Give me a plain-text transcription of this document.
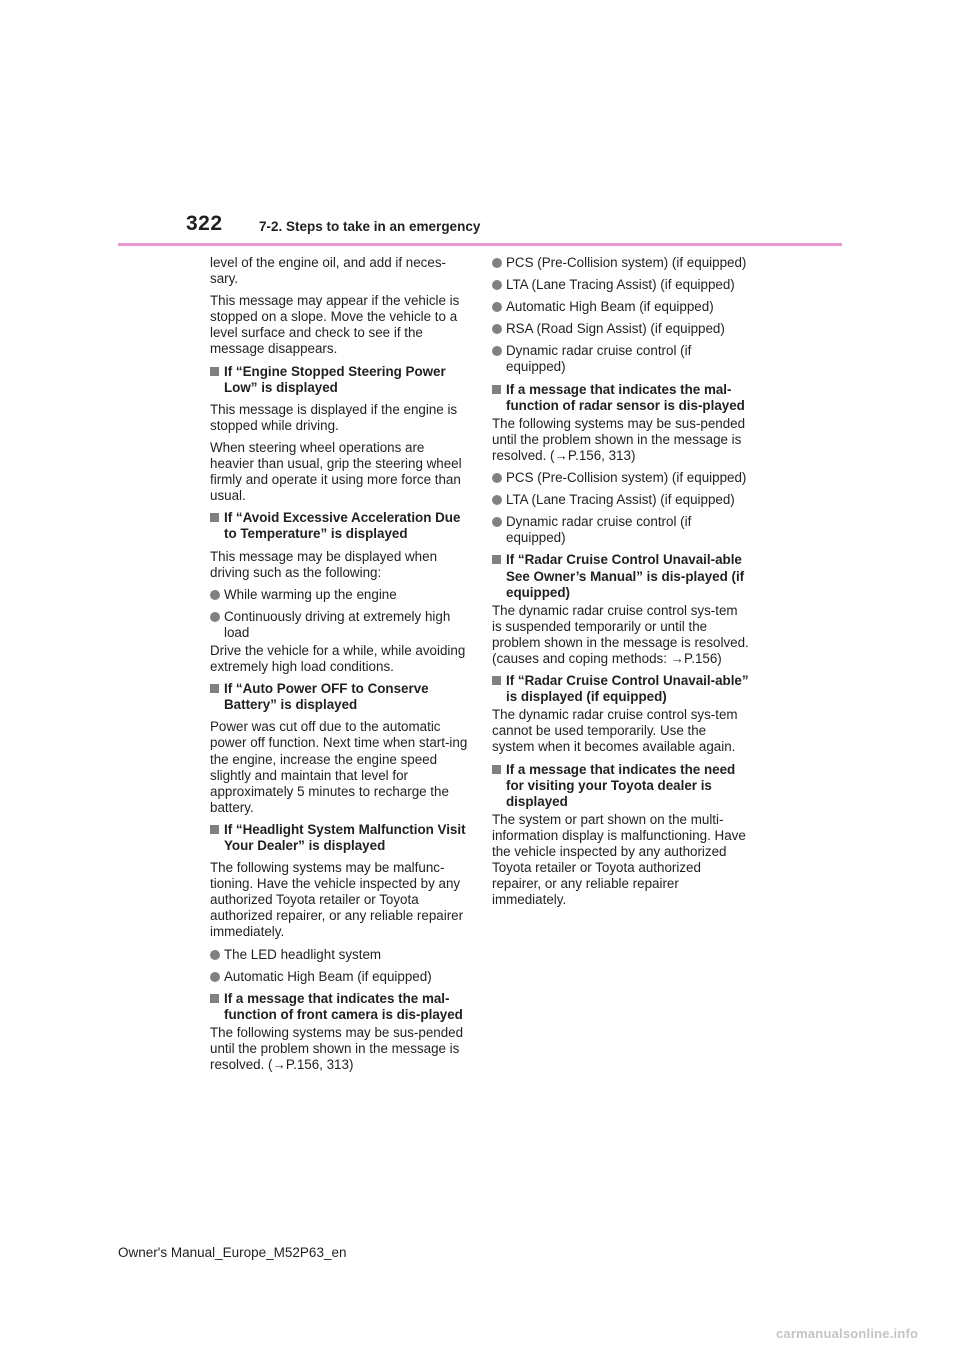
322	7-2. Steps to take in an emergency

level of the engine oil, and add if neces-sary.

This message may appear if the vehicle is stopped on a slope. Move the vehicle to a level surface and check to see if the message disappears.

If “Engine Stopped Steering Power Low” is displayed

This message is displayed if the engine is stopped while driving.

When steering wheel operations are heavier than usual, grip the steering wheel firmly and operate it using more force than usual.

If “Avoid Excessive Acceleration Due to Temperature” is displayed

This message may be displayed when driving such as the following:

While warming up the engine
Continuously driving at extremely high load

Drive the vehicle for a while, while avoiding extremely high load conditions.

If “Auto Power OFF to Conserve Battery” is displayed

Power was cut off due to the automatic power off function. Next time when start-ing the engine, increase the engine speed slightly and maintain that level for approximately 5 minutes to recharge the battery.

If “Headlight System Malfunction Visit Your Dealer” is displayed

The following systems may be malfunc-tioning. Have the vehicle inspected by any authorized Toyota retailer or Toyota authorized repairer, or any reliable repairer immediately.

The LED headlight system
Automatic High Beam (if equipped)
If a message that indicates the mal-function of front camera is dis-played

The following systems may be sus-pended until the problem shown in the message is resolved. (→P.156, 313)

PCS (Pre-Collision system) (if equipped)
LTA (Lane Tracing Assist) (if equipped)
Automatic High Beam (if equipped)
RSA (Road Sign Assist) (if equipped)
Dynamic radar cruise control (if equipped)
If a message that indicates the mal-function of radar sensor is dis-played

The following systems may be sus-pended until the problem shown in the message is resolved. (→P.156, 313)

PCS (Pre-Collision system) (if equipped)
LTA (Lane Tracing Assist) (if equipped)
Dynamic radar cruise control (if equipped)
If “Radar Cruise Control Unavail-able See Owner’s Manual” is dis-played (if equipped)

The dynamic radar cruise control sys-tem is suspended temporarily or until the problem shown in the message is resolved. (causes and coping methods: →P.156)

If “Radar Cruise Control Unavail-able” is displayed (if equipped)

The dynamic radar cruise control sys-tem cannot be used temporarily. Use the system when it becomes available again.

If a message that indicates the need for visiting your Toyota dealer is displayed

The system or part shown on the multi-information display is malfunctioning. Have the vehicle inspected by any authorized Toyota retailer or Toyota authorized repairer, or any reliable repairer immediately.

Owner's Manual_Europe_M52P63_en
carmanualsonline.info
